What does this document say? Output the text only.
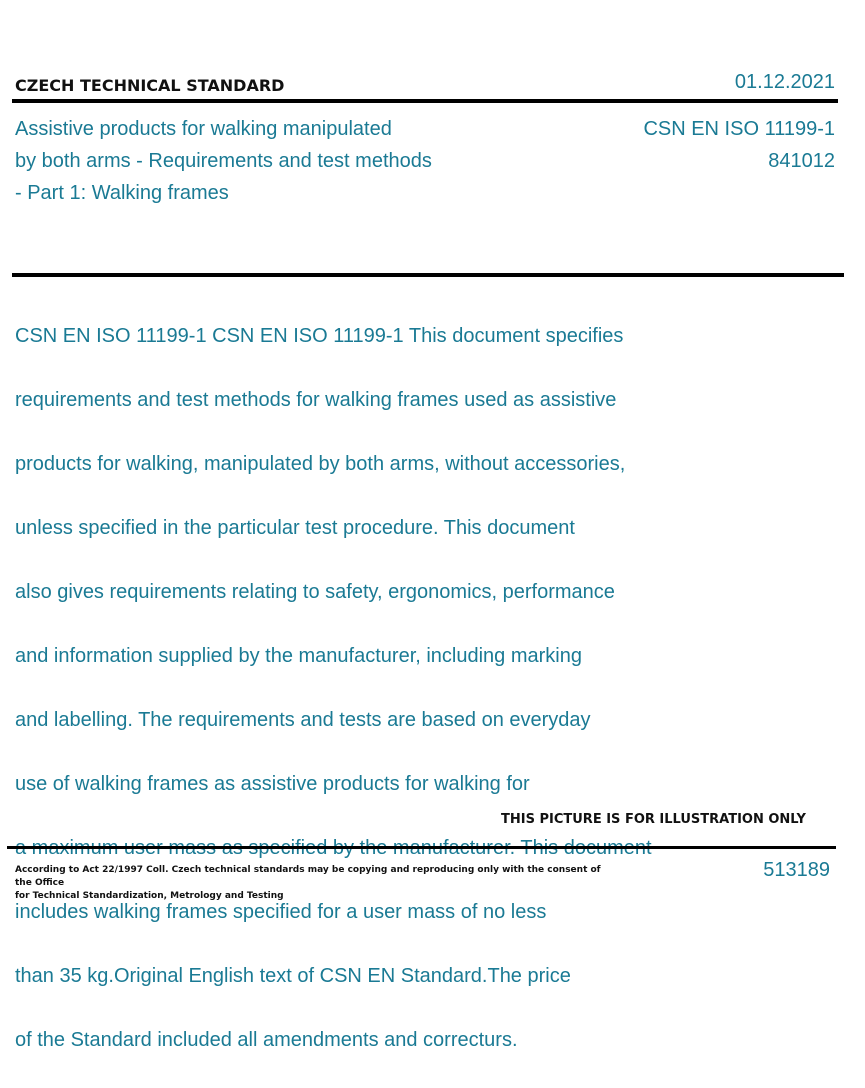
CZECH TECHNICAL STANDARD	01.12.2021
Assistive products for walking manipulated
by both arms - Requirements and test methods
- Part 1: Walking frames
CSN EN ISO 11199-1
841012

CSN EN ISO 11199-1 CSN EN ISO 11199-1 This document specifies

requirements and test methods for walking frames used as assistive

products for walking, manipulated by both arms, without accessories,

unless specified in the particular test procedure. This document

also gives requirements relating to safety, ergonomics, performance

and information supplied by the manufacturer, including marking

and labelling. The requirements and tests are based on everyday

use of walking frames as assistive products for walking for

includes walking frames specified for a user mass of no less

than 35 kg.Original English text of CSN EN Standard.The price

of the Standard included all amendments and correcturs.

THIS PICTURE IS FOR ILLUSTRATION ONLY
According to Act 22/1997 Coll. Czech technical standards may be copying and reproducing only with the consent of the Office
for Technical Standardization, Metrology and Testing
513189
